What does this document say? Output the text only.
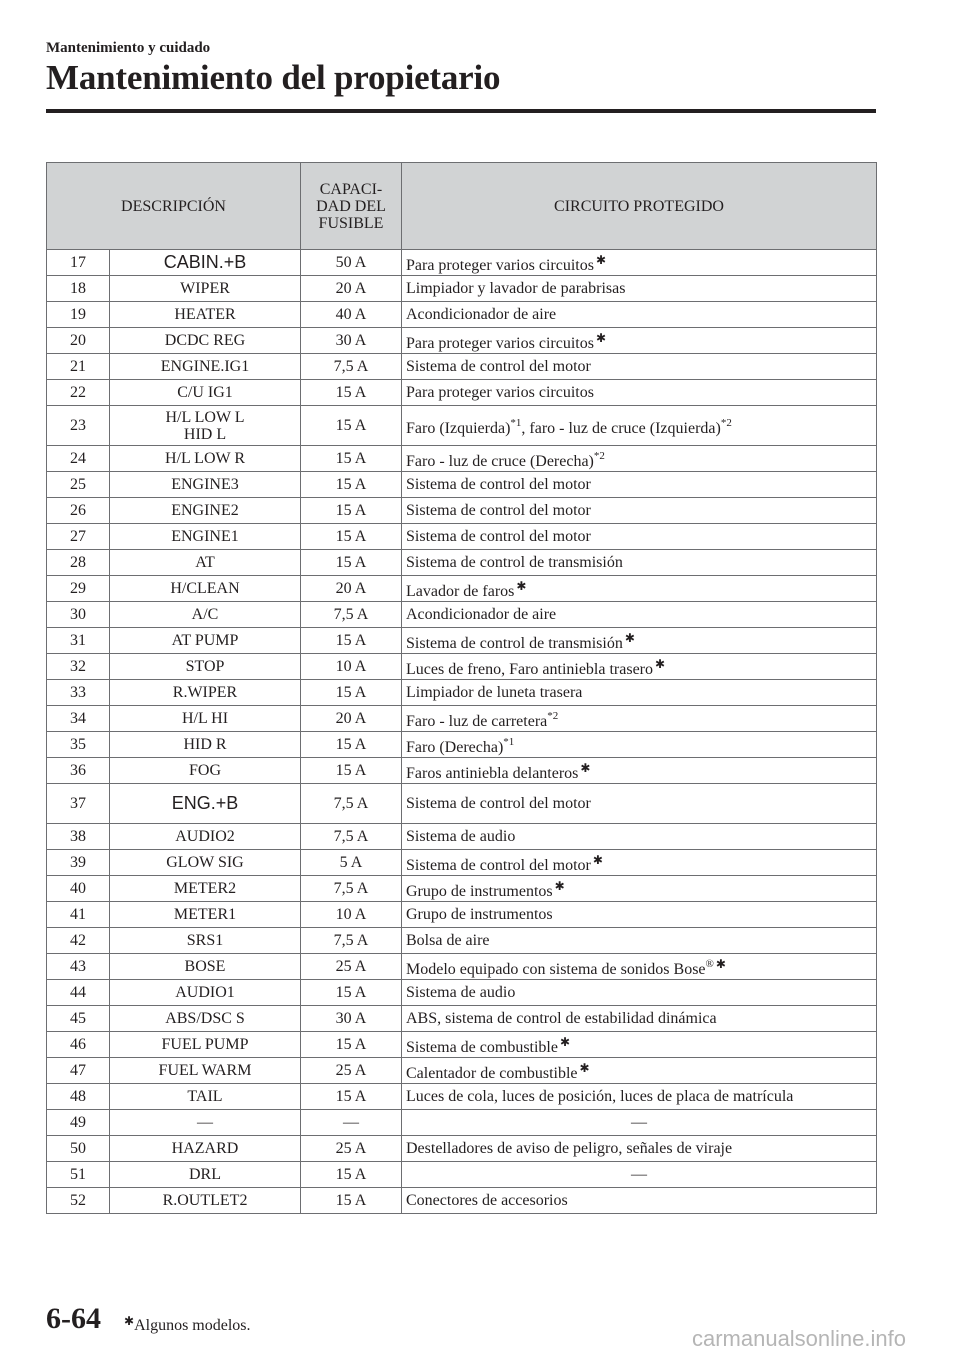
Mantenimiento y cuidado
Mantenimiento del propietario
DESCRIPCIÓN		CAPACI-
DAD DEL
FUSIBLE	CIRCUITO PROTEGIDO
17	CABIN.+B	50 A	Para proteger varios circuitos ✱
18	WIPER	20 A	Limpiador y lavador de parabrisas
19	HEATER	40 A	Acondicionador de aire
20	DCDC REG	30 A	Para proteger varios circuitos ✱
21	ENGINE.IG1	7,5 A	Sistema de control del motor
22	C/U IG1	15 A	Para proteger varios circuitos
23	H/L LOW L
HID L	15 A	Faro (Izquierda)$^{*1}$, faro - luz de cruce (Izquierda)$^{*2}$
24	H/L LOW R	15 A	Faro - luz de cruce (Derecha)$^{*2}$
25	ENGINE3	15 A	Sistema de control del motor
26	ENGINE2	15 A	Sistema de control del motor
27	ENGINE1	15 A	Sistema de control del motor
28	AT	15 A	Sistema de control de transmisión
29	H/CLEAN	20 A	Lavador de faros ✱
30	A/C	7,5 A	Acondicionador de aire
31	AT PUMP	15 A	Sistema de control de transmisión ✱
32	STOP	10 A	Luces de freno, Faro antiniebla trasero ✱
33	R.WIPER	15 A	Limpiador de luneta trasera
34	H/L HI	20 A	Faro - luz de carretera$^{*2}$
35	HID R	15 A	Faro (Derecha)$^{*1}$
36	FOG	15 A	Faros antiniebla delanteros ✱
37	ENG.+B	7,5 A	Sistema de control del motor
38	AUDIO2	7,5 A	Sistema de audio
39	GLOW SIG	5 A	Sistema de control del motor ✱
40	METER2	7,5 A	Grupo de instrumentos ✱
41	METER1	10 A	Grupo de instrumentos
42	SRS1	7,5 A	Bolsa de aire
43	BOSE	25 A	Modelo equipado con sistema de sonidos Bose® ✱
44	AUDIO1	15 A	Sistema de audio
45	ABS/DSC S	30 A	ABS, sistema de control de estabilidad dinámica
46	FUEL PUMP	15 A	Sistema de combustible ✱
47	FUEL WARM	25 A	Calentador de combustible ✱
48	TAIL	15 A	Luces de cola, luces de posición, luces de placa de matrícula
49	—	—	—
50	HAZARD	25 A	Destelladores de aviso de peligro, señales de viraje
51	DRL	15 A	—
52	R.OUTLET2	15 A	Conectores de accesorios
6-64 ✱Algunos modelos.
carmanualsonline.info
